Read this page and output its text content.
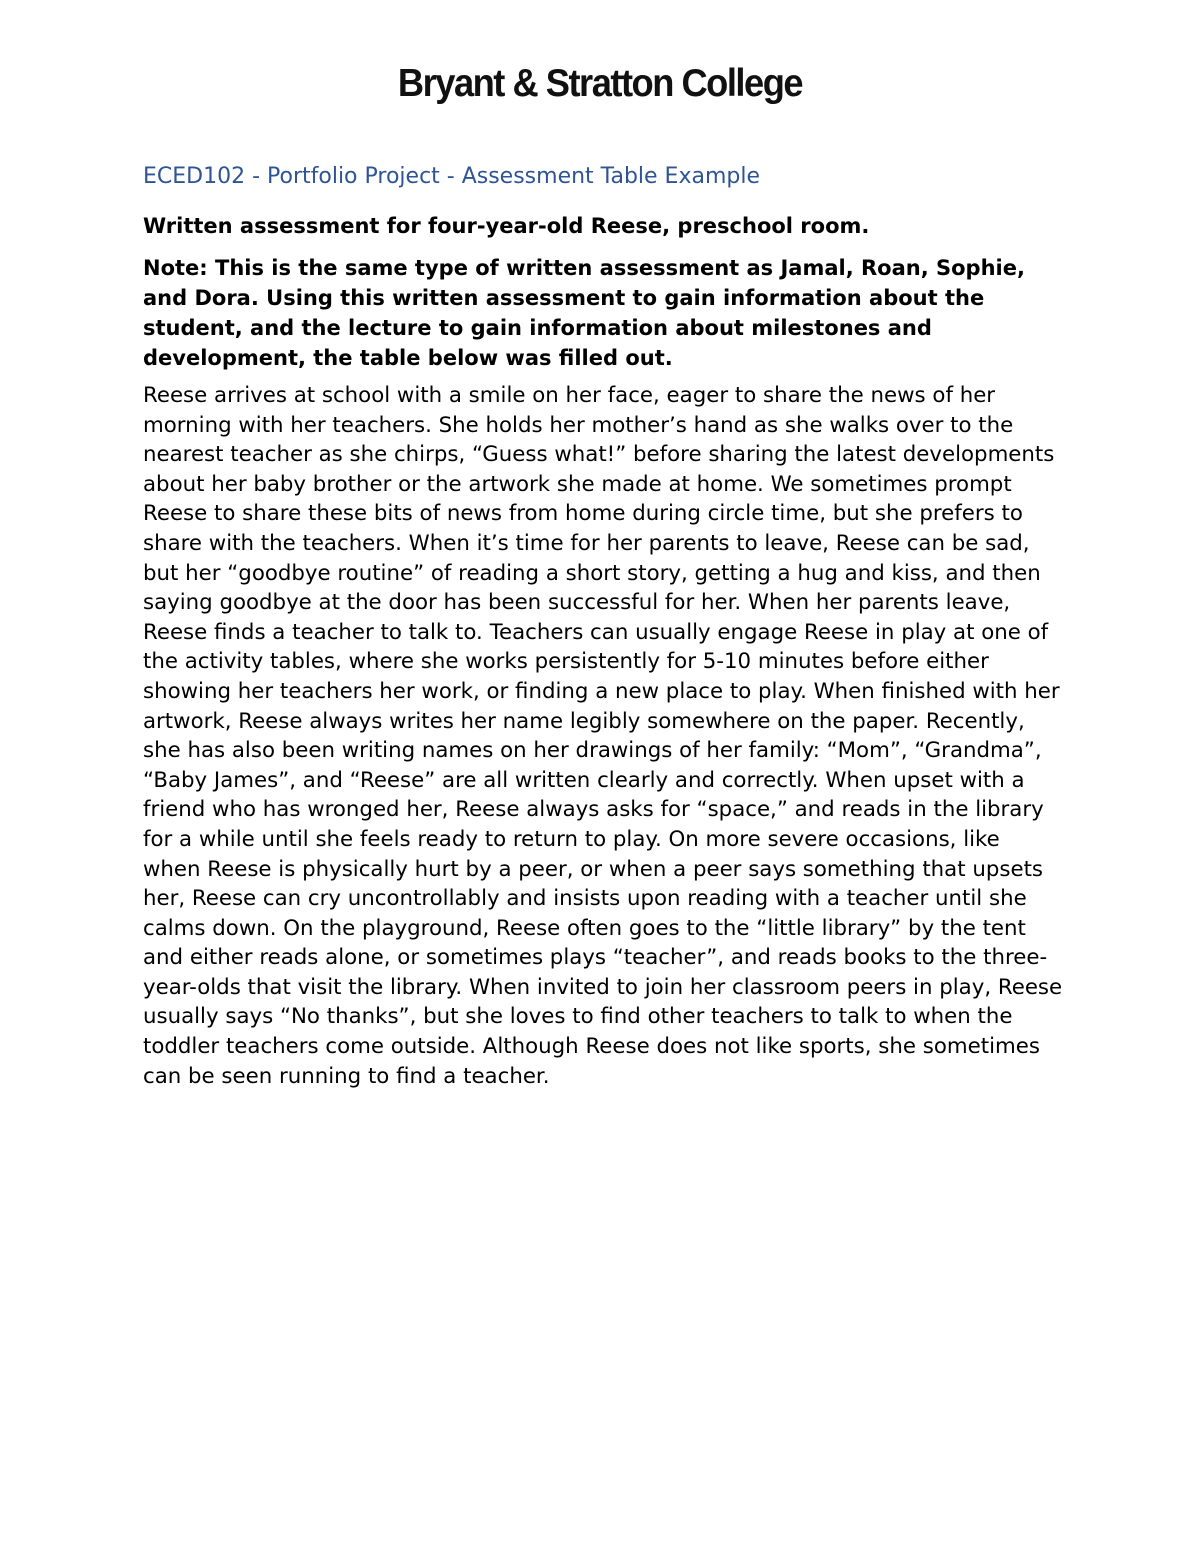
Bryant & Stratton College
ECED102 - Portfolio Project - Assessment Table Example

Written assessment for four-year-old Reese, preschool room.

Note: This is the same type of written assessment as Jamal, Roan, Sophie, and Dora. Using this written assessment to gain information about the student, and the lecture to gain information about milestones and development, the table below was filled out.

Reese arrives at school with a smile on her face, eager to share the news of her morning with her teachers. She holds her mother’s hand as she walks over to the nearest teacher as she chirps, “Guess what!” before sharing the latest developments about her baby brother or the artwork she made at home. We sometimes prompt Reese to share these bits of news from home during circle time, but she prefers to share with the teachers. When it’s time for her parents to leave, Reese can be sad, but her “goodbye routine” of reading a short story, getting a hug and kiss, and then saying goodbye at the door has been successful for her. When her parents leave, Reese finds a teacher to talk to. Teachers can usually engage Reese in play at one of the activity tables, where she works persistently for 5-10 minutes before either showing her teachers her work, or finding a new place to play. When finished with her artwork, Reese always writes her name legibly somewhere on the paper. Recently, she has also been writing names on her drawings of her family: “Mom”, “Grandma”, “Baby James”, and “Reese” are all written clearly and correctly. When upset with a friend who has wronged her, Reese always asks for “space,” and reads in the library for a while until she feels ready to return to play. On more severe occasions, like when Reese is physically hurt by a peer, or when a peer says something that upsets her, Reese can cry uncontrollably and insists upon reading with a teacher until she calms down. On the playground, Reese often goes to the “little library” by the tent and either reads alone, or sometimes plays “teacher”, and reads books to the three-year-olds that visit the library. When invited to join her classroom peers in play, Reese usually says “No thanks”, but she loves to find other teachers to talk to when the toddler teachers come outside. Although Reese does not like sports, she sometimes can be seen running to find a teacher.
